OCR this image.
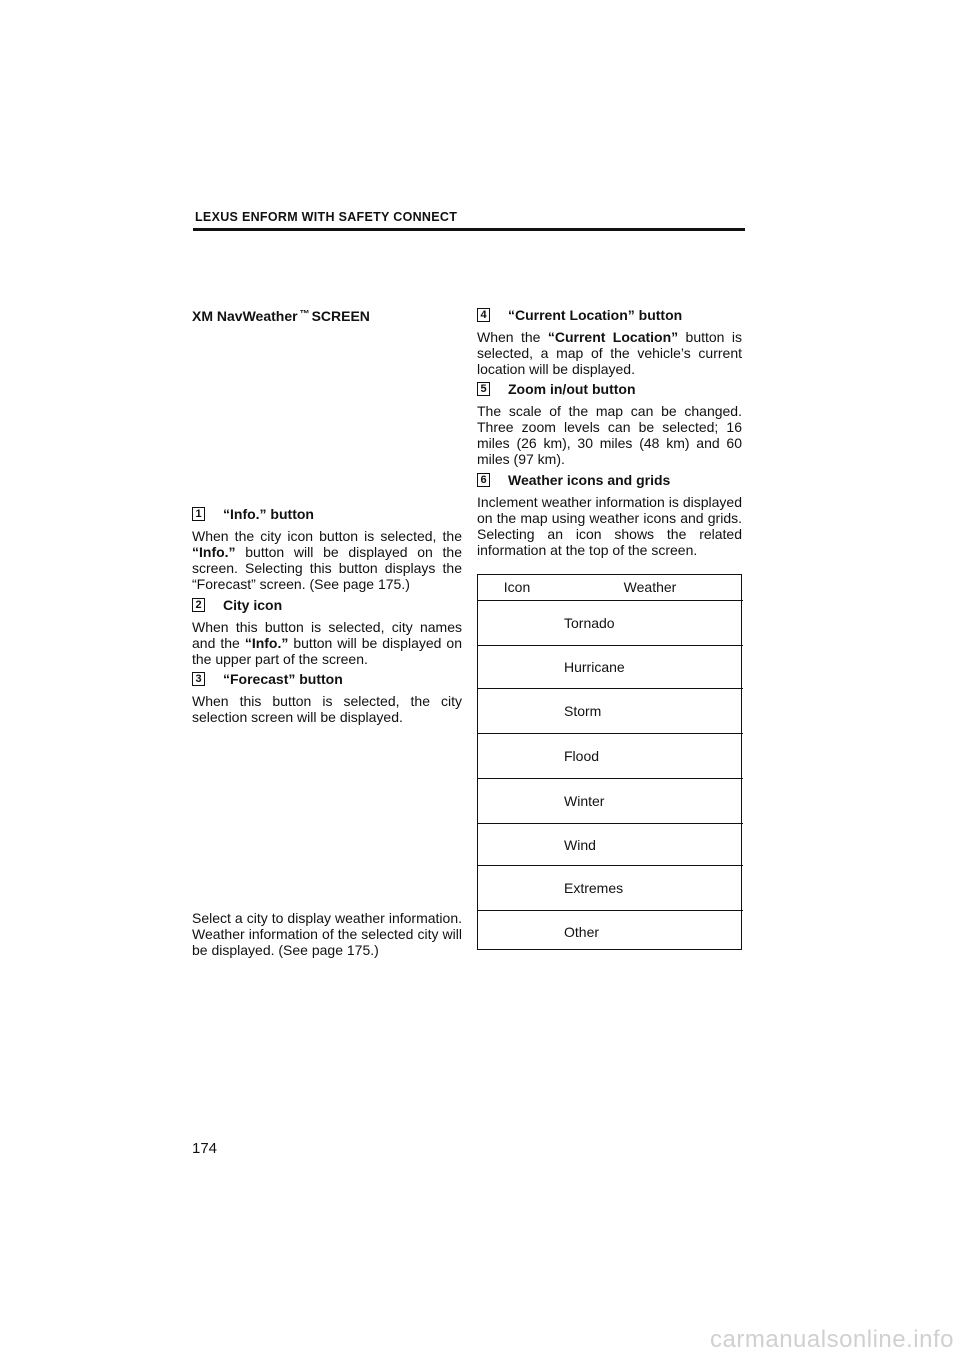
LEXUS ENFORM WITH SAFETY CONNECT
XM NavWeather ™ SCREEN
1 “Info.” button
When the city icon button is selected, the “Info.” button will be displayed on the screen. Selecting this button displays the “Forecast” screen. (See page 175.)
2 City icon
When this button is selected, city names and the “Info.” button will be displayed on the upper part of the screen.
3 “Forecast” button
When this button is selected, the city selection screen will be displayed.
Select a city to display weather information. Weather information of the selected city will be displayed. (See page 175.)
4 “Current Location” button
When the “Current Location” button is selected, a map of the vehicle’s current location will be displayed.
5 Zoom in/out button
The scale of the map can be changed. Three zoom levels can be selected; 16 miles (26 km), 30 miles (48 km) and 60 miles (97 km).
6 Weather icons and grids
Inclement weather information is displayed on the map using weather icons and grids. Selecting an icon shows the related information at the top of the screen.
Icon	Weather
	Tornado
	Hurricane
	Storm
	Flood
	Winter
	Wind
	Extremes
	Other
174
carmanualsonline.info
